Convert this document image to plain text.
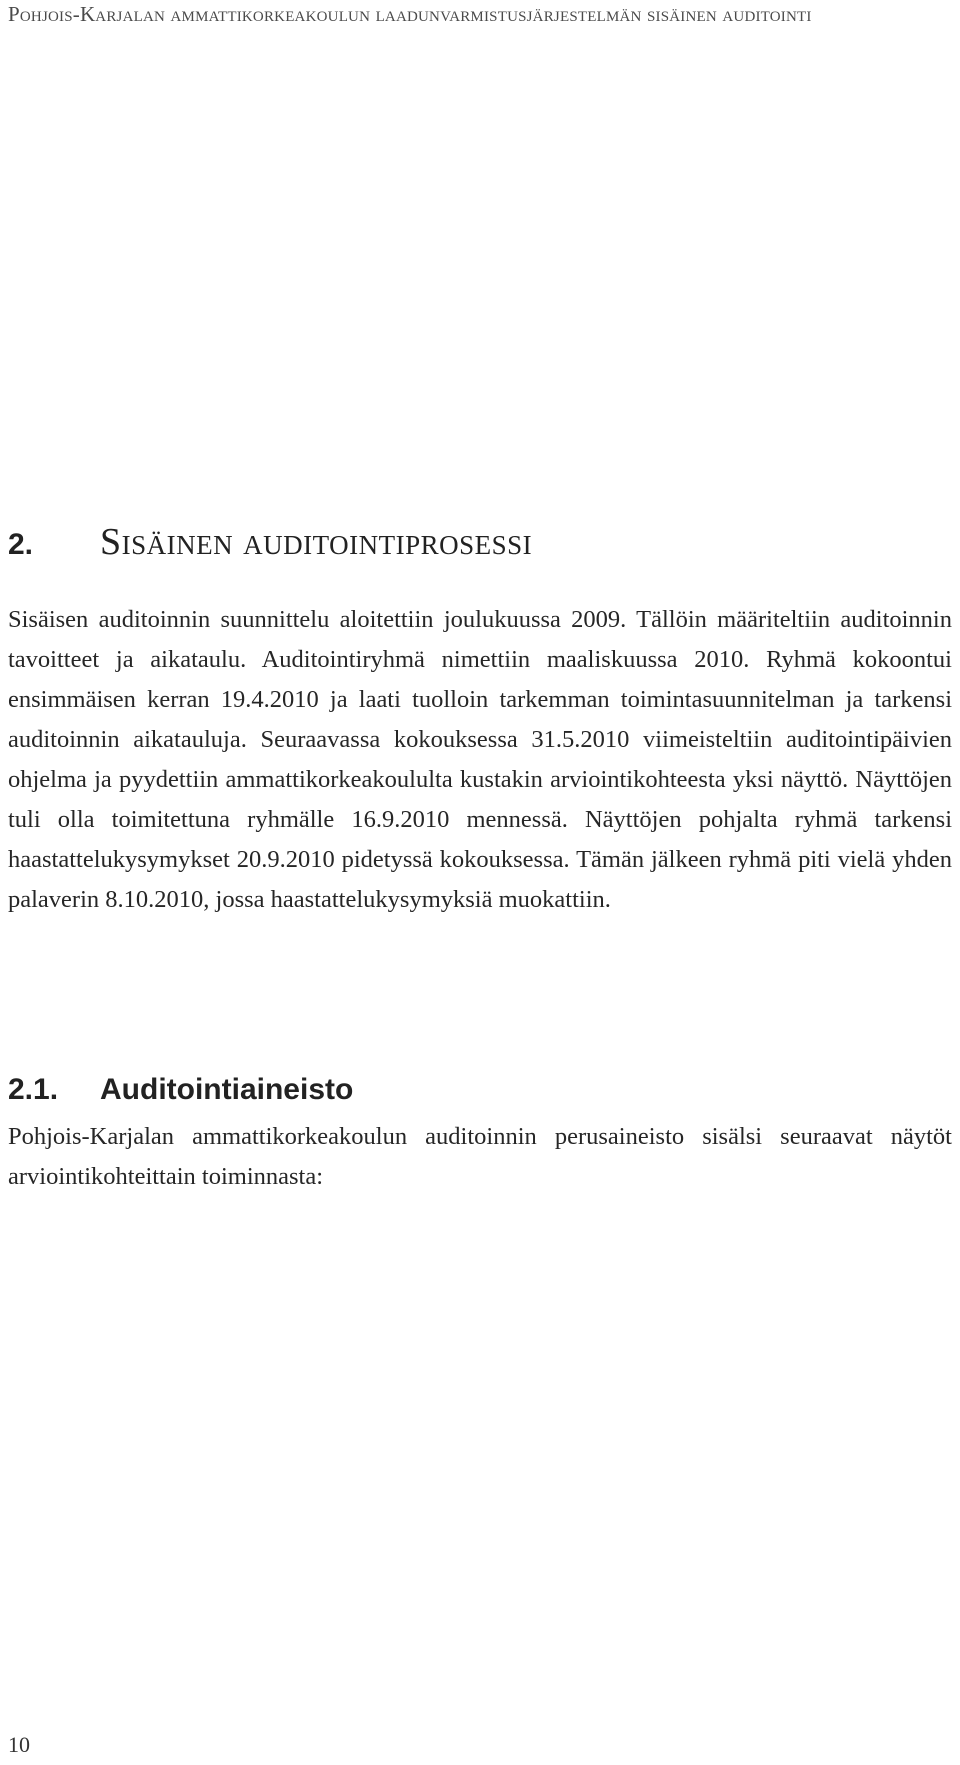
Pohjois-Karjalan ammattikorkeakoulun laadunvarmistusjärjestelmän sisäinen auditointi
2.	Sisäinen auditointiprosessi

Sisäisen auditoinnin suunnittelu aloitettiin joulukuussa 2009. Tällöin määriteltiin auditoinnin tavoitteet ja aikataulu. Auditointiryhmä nimettiin maaliskuussa 2010. Ryhmä kokoontui ensimmäisen kerran 19.4.2010 ja laati tuolloin tarkemman toimintasuunnitelman ja tarkensi auditoinnin aikatauluja. Seuraavassa kokouksessa 31.5.2010 viimeisteltiin auditointipäivien ohjelma ja pyydettiin ammattikorkeakoululta kustakin arviointikohteesta yksi näyttö. Näyttöjen tuli olla toimitettuna ryhmälle 16.9.2010 mennessä. Näyttöjen pohjalta ryhmä tarkensi haastattelukysymykset 20.9.2010 pidetyssä kokouksessa. Tämän jälkeen ryhmä piti vielä yhden palaverin 8.10.2010, jossa haastattelukysymyksiä muokattiin.

2.1.	Auditointiaineisto

Pohjois-Karjalan ammattikorkeakoulun auditoinnin perusaineisto sisälsi seuraavat näytöt arviointikohteittain toiminnasta:

10
